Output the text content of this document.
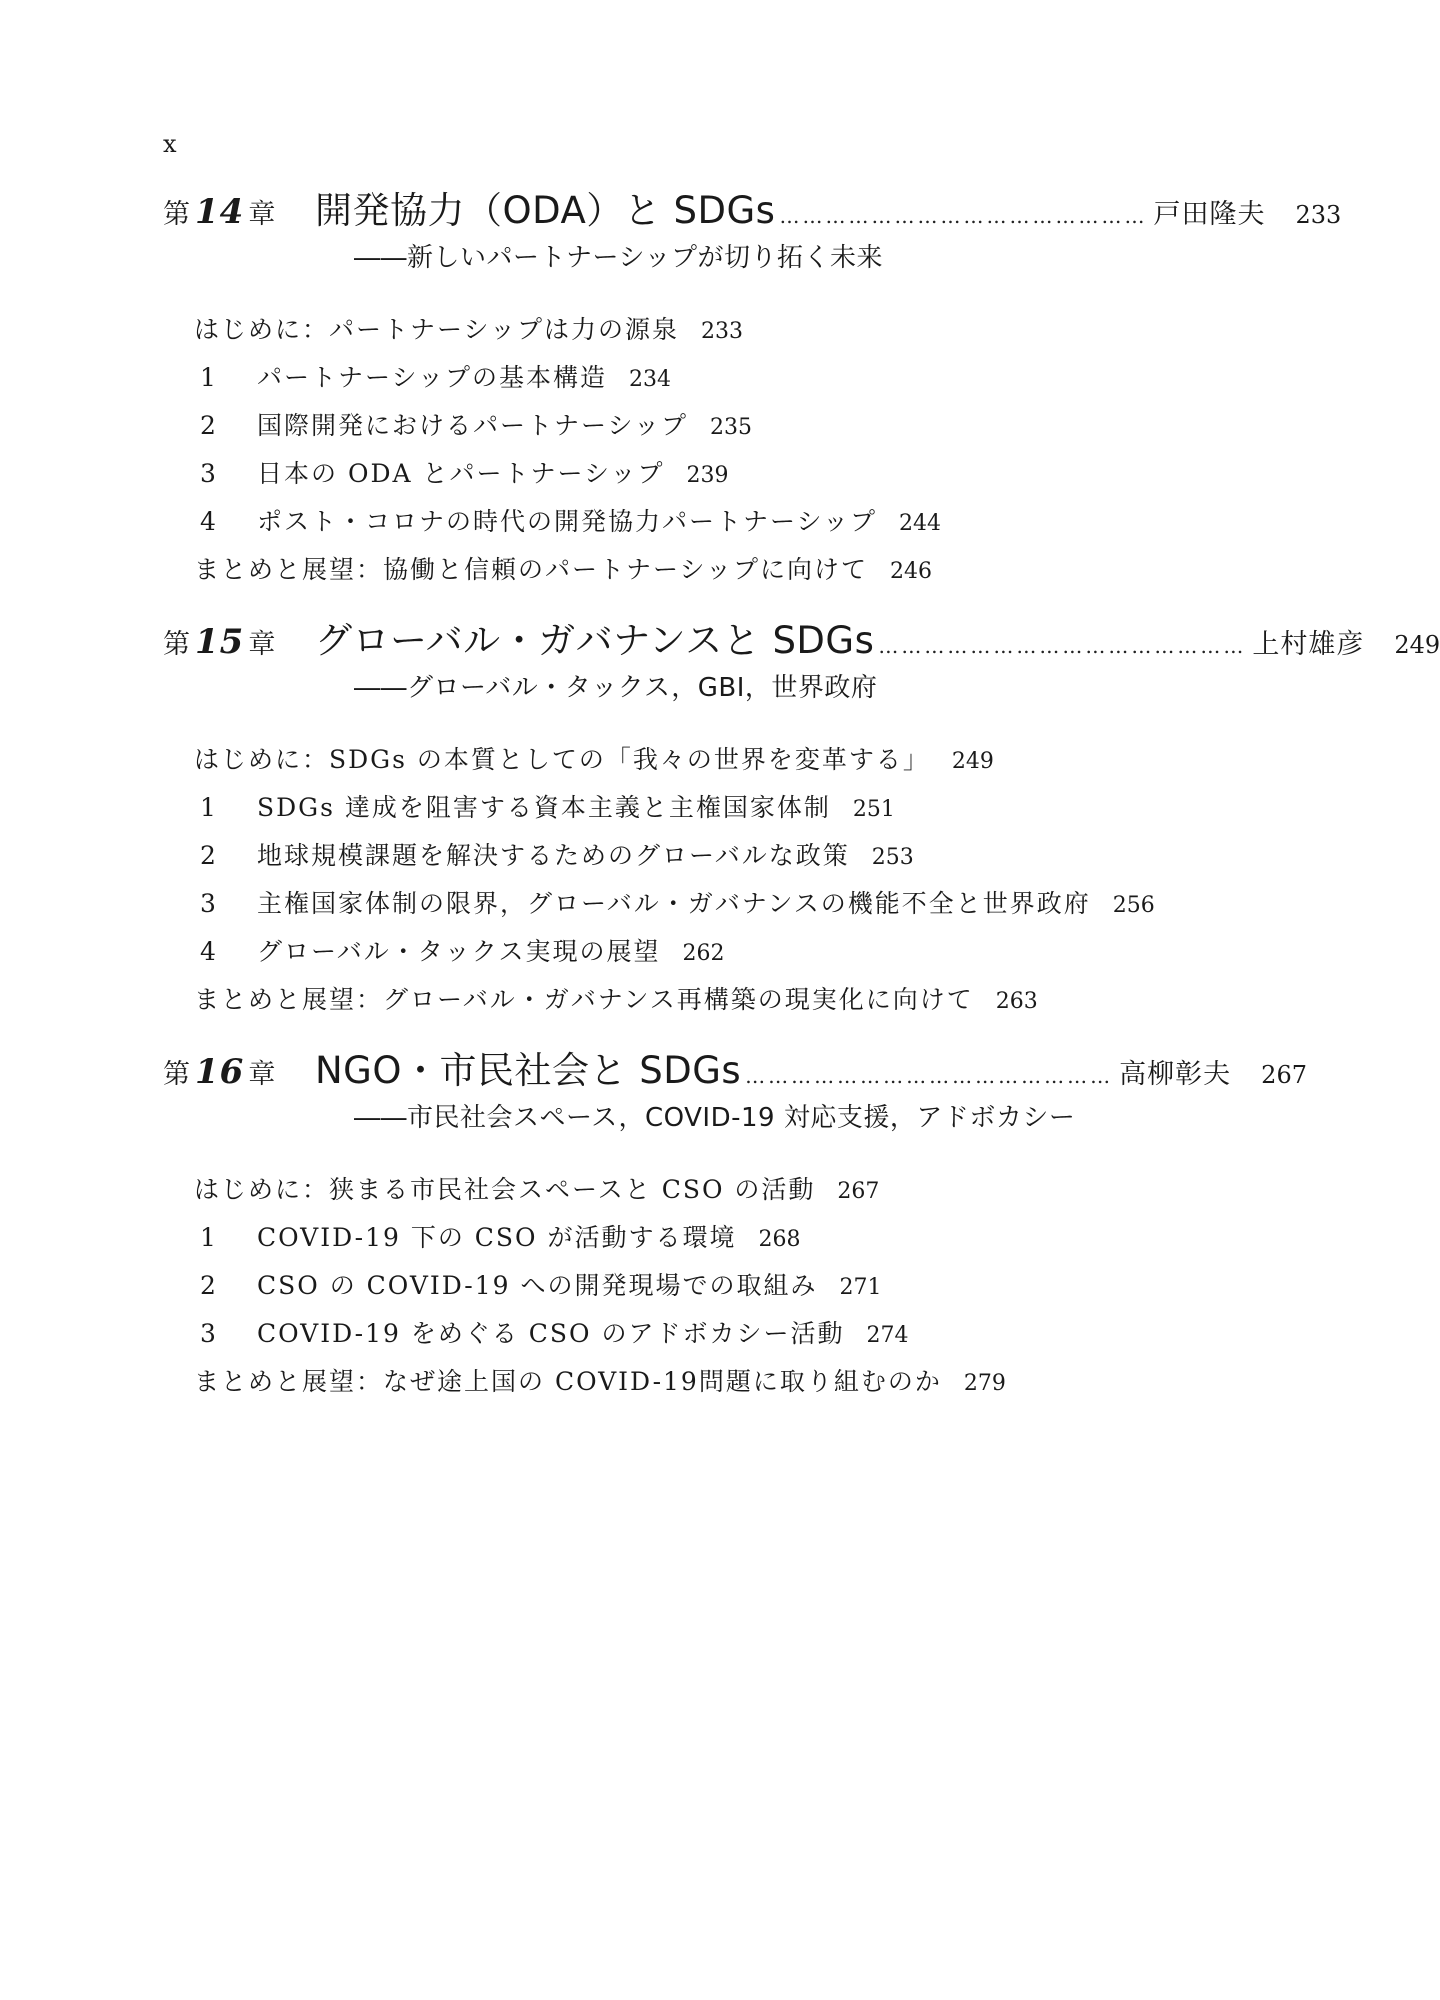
x
第 14 章	開発協力（ODA）と SDGs ………………………………………… 戸田隆夫 233
――新しいパートナーシップが切り拓く未来
はじめに：パートナーシップは力の源泉 233
1 パートナーシップの基本構造 234
2 国際開発におけるパートナーシップ 235
3 日本の ODA とパートナーシップ 239
4 ポスト・コロナの時代の開発協力パートナーシップ 244
まとめと展望：協働と信頼のパートナーシップに向けて 246
第 15 章	グローバル・ガバナンスと SDGs ………………………………………… 上村雄彦 249
――グローバル・タックス，GBI，世界政府
はじめに：SDGs の本質としての「我々の世界を変革する」 249
1 SDGs 達成を阻害する資本主義と主権国家体制 251
2 地球規模課題を解決するためのグローバルな政策 253
3 主権国家体制の限界，グローバル・ガバナンスの機能不全と世界政府 256
4 グローバル・タックス実現の展望 262
まとめと展望：グローバル・ガバナンス再構築の現実化に向けて 263
第 16 章	NGO・市民社会と SDGs ………………………………………… 高柳彰夫 267
――市民社会スペース，COVID-19 対応支援，アドボカシー
はじめに：狭まる市民社会スペースと CSO の活動 267
1 COVID-19 下の CSO が活動する環境 268
2 CSO の COVID-19 への開発現場での取組み 271
3 COVID-19 をめぐる CSO のアドボカシー活動 274
まとめと展望：なぜ途上国の COVID-19問題に取り組むのか 279
